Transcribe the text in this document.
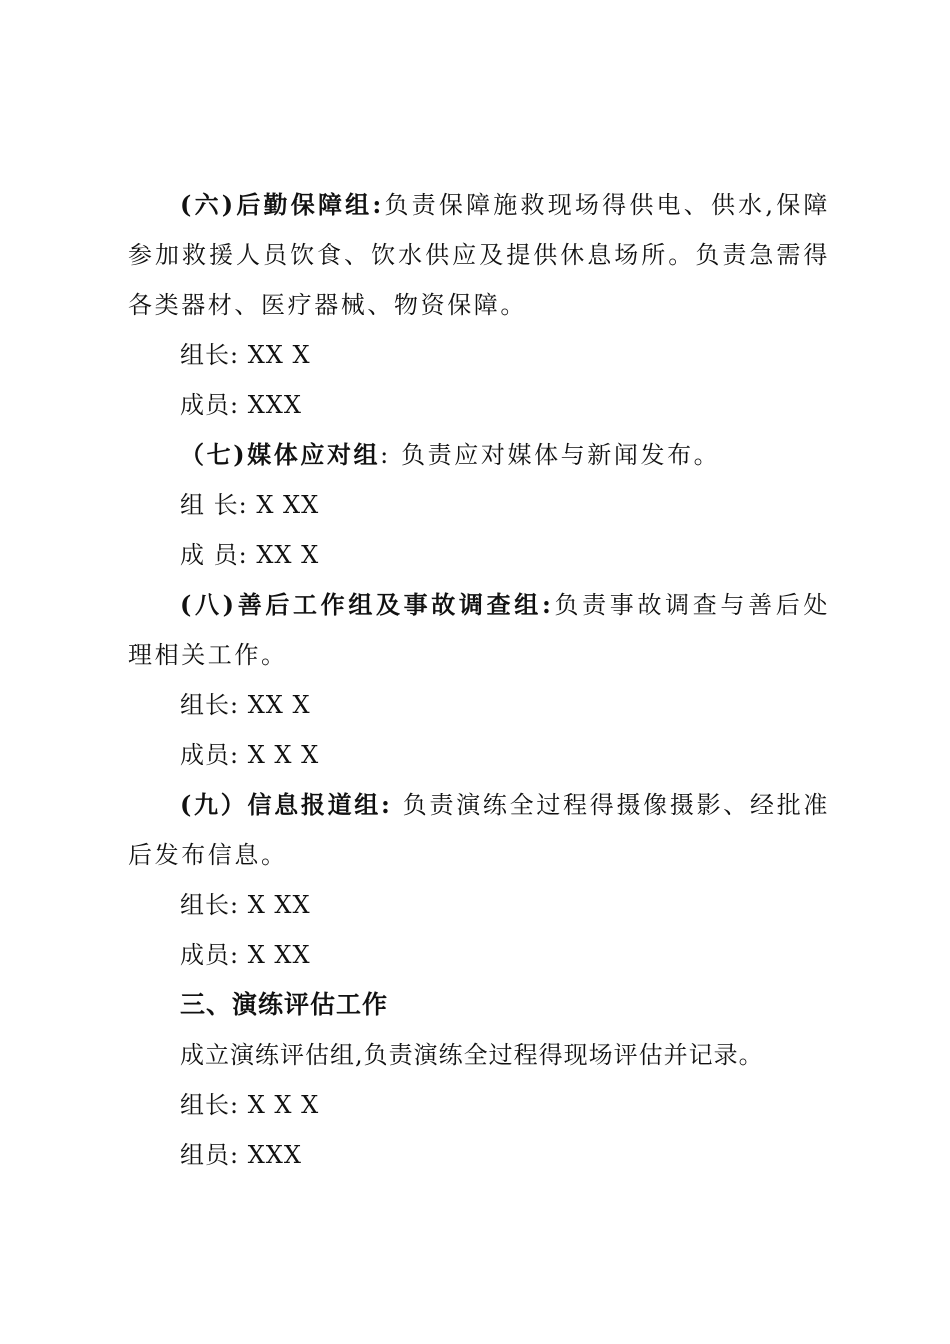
(六)后勤保障组:负责保障施救现场得供电、供水,保障参加救援人员饮食、饮水供应及提供休息场所。负责急需得各类器材、医疗器械、物资保障。

组长: XX X

成员: XXX

（七)媒体应对组: 负责应对媒体与新闻发布。

组 长: X XX

成 员: XX X

(八)善后工作组及事故调查组:负责事故调查与善后处理相关工作。

组长: XX X

成员: X X X

(九）信息报道组: 负责演练全过程得摄像摄影、经批准后发布信息。

组长: X XX

成员: X XX

三、演练评估工作

成立演练评估组,负责演练全过程得现场评估并记录。

组长: X X X

组员: XXX
